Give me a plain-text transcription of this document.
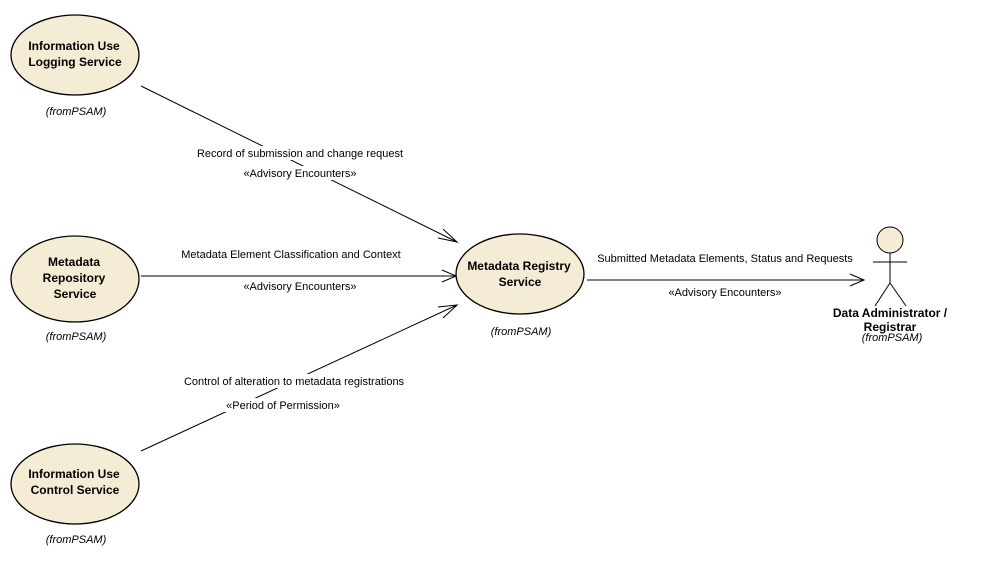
Record of submission and change request
«Advisory Encounters»
Metadata Element Classification and Context
«Advisory Encounters»
Control of alteration to metadata registrations
«Period of Permission»
Submitted Metadata Elements, Status and Requests
«Advisory Encounters»
Information Use
Logging Service
(fromPSAM)
Metadata
Repository
Service
(fromPSAM)
Information Use
Control Service
(fromPSAM)
Metadata Registry
Service
(fromPSAM)
Data Administrator /
Registrar
(fromPSAM)
